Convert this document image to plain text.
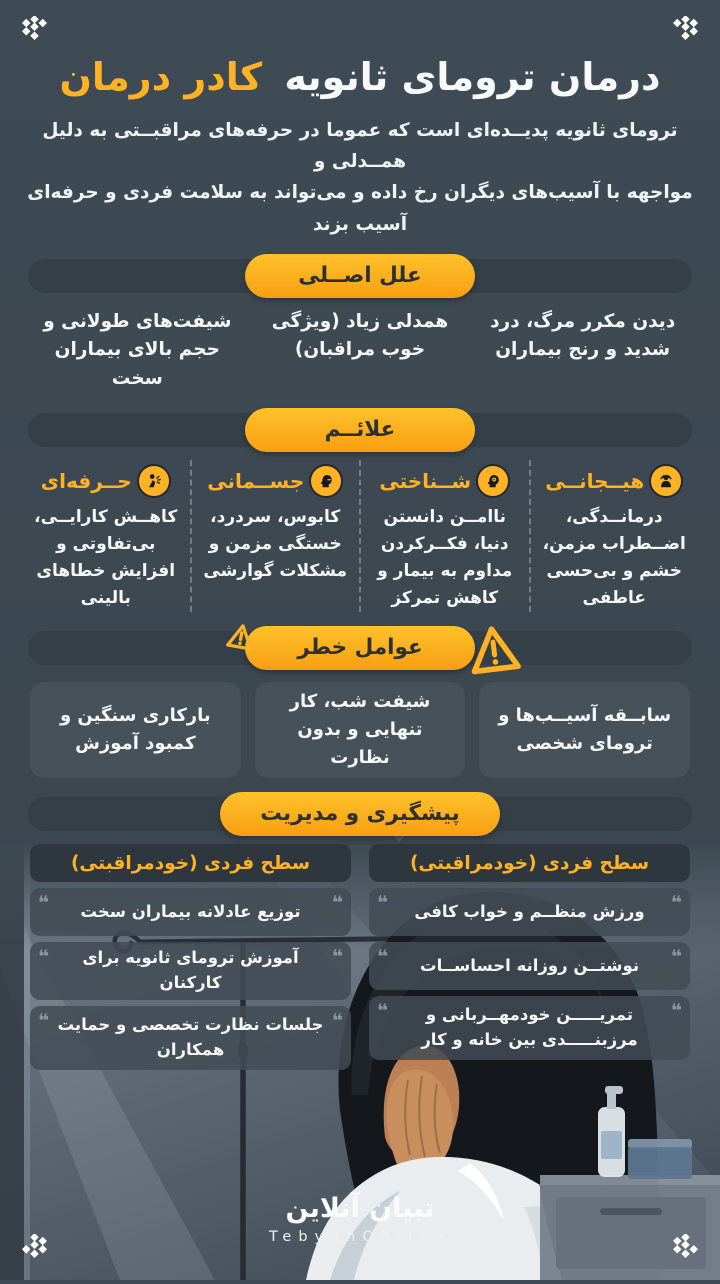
درمان ترومای ثانویه کادر درمان
ترومای ثانویه پدیــده‌ای است که عموما در حرفه‌های مراقبــتی به دلیل همــدلی و
مواجهه با آسیب‌های دیگران رخ داده و می‌تواند به سلامت فردی و حرفه‌ای آسیب بزند
علل اصــلی
دیدن مکرر مرگ، درد شدید و رنج بیماران
همدلی زیاد (ویژگی خوب مراقبان)
شیفت‌های طولانی و حجم بالای بیماران سخت
علائــم
هیــجانــی
درمانــدگی، اضــطراب مزمن، خشم و بی‌حسی عاطفی
شــناختی
ناامــن دانستن دنیا، فکــرکردن مداوم به بیمار و کاهش تمرکز
جســمانی
کابوس، سردرد، خستگی مزمن و مشکلات گوارشی
حــرفه‌ای
کاهــش کارایــی، بی‌تفاوتی و افزایش خطاهای بالینی
عوامل خطر
سابــقه آسیــب‌ها و ترومای شخصی
شیفت شب، کار تنهایی و بدون نظارت
بارکاری سنگین و کمبود آموزش
پیشگیری و مدیریت
سطح فردی (خودمراقبتی)
❝
ورزش منظــم و خواب کافی
❝
❝
نوشتــن روزانه احساســات
❝
❝
تمریـــــن خودمهــربانی و مرزبنـــــدی بین خانه و کار
❝
سطح فردی (خودمراقبتی)
❝
توزیع عادلانه بیماران سخت
❝
❝
آموزش ترومای ثانویه برای کارکنان
❝
❝
جلسات نظارت تخصصی و حمایت همکاران
❝
تبیان آنلاین
TebyanOnline
